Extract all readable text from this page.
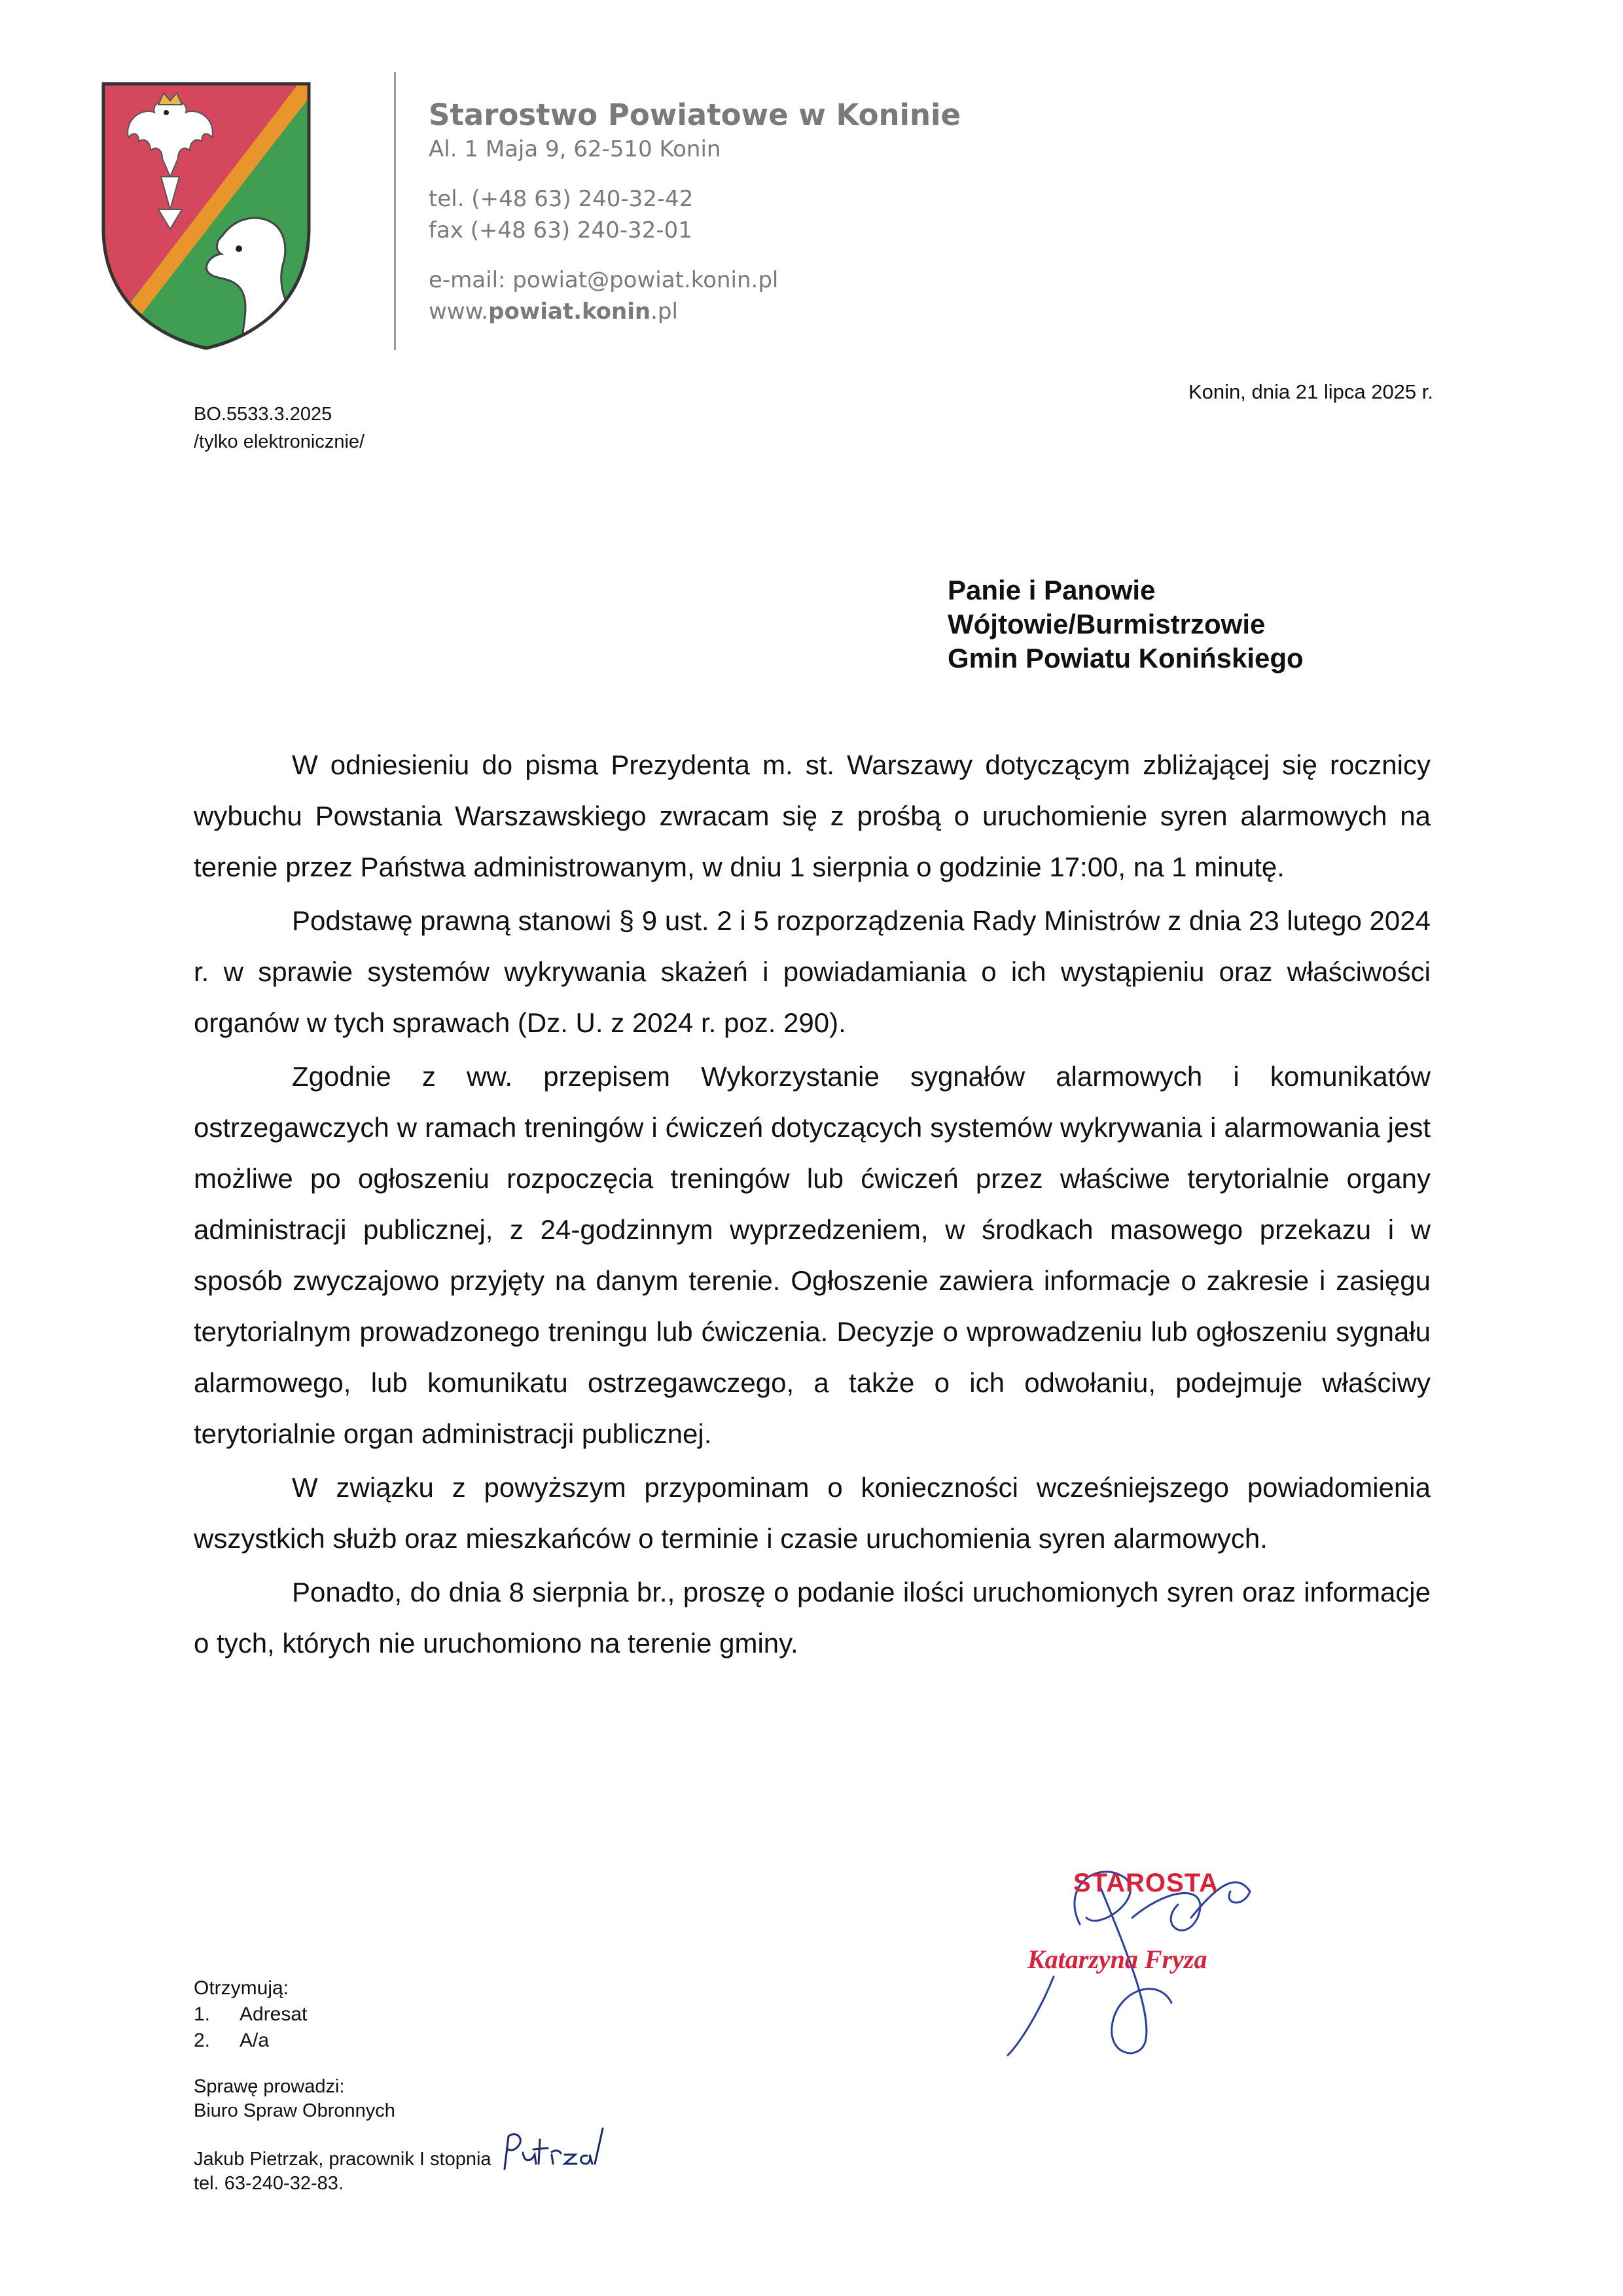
Starostwo Powiatowe w Koninie

Al. 1 Maja 9, 62-510 Konin

tel. (+48 63) 240-32-42

fax (+48 63) 240-32-01

e-mail: powiat@powiat.konin.pl

www.powiat.konin.pl

BO.5533.3.2025
/tylko elektronicznie/
Konin, dnia 21 lipca 2025 r.
Panie i Panowie
Wójtowie/Burmistrzowie
Gmin Powiatu Konińskiego

W odniesieniu do pisma Prezydenta m. st. Warszawy dotyczącym zbliżającej się rocznicy wybuchu Powstania Warszawskiego zwracam się z prośbą o uruchomienie syren alarmowych na terenie przez Państwa administrowanym, w dniu 1 sierpnia o godzinie 17:00, na 1 minutę.

Podstawę prawną stanowi § 9 ust. 2 i 5 rozporządzenia Rady Ministrów z dnia 23 lutego 2024 r. w sprawie systemów wykrywania skażeń i powiadamiania o ich wystąpieniu oraz właściwości organów w tych sprawach (Dz. U. z 2024 r. poz. 290).

Zgodnie z ww. przepisem Wykorzystanie sygnałów alarmowych i komunikatów ostrzegawczych w ramach treningów i ćwiczeń dotyczących systemów wykrywania i alarmowania jest możliwe po ogłoszeniu rozpoczęcia treningów lub ćwiczeń przez właściwe terytorialnie organy administracji publicznej, z 24-godzinnym wyprzedzeniem, w środkach masowego przekazu i w sposób zwyczajowo przyjęty na danym terenie. Ogłoszenie zawiera informacje o zakresie i zasięgu terytorialnym prowadzonego treningu lub ćwiczenia. Decyzje o wprowadzeniu lub ogłoszeniu sygnału alarmowego, lub komunikatu ostrzegawczego, a także o ich odwołaniu, podejmuje właściwy terytorialnie organ administracji publicznej.

W związku z powyższym przypominam o konieczności wcześniejszego powiadomienia wszystkich służb oraz mieszkańców o terminie i czasie uruchomienia syren alarmowych.

Ponadto, do dnia 8 sierpnia br., proszę o podanie ilości uruchomionych syren oraz informacje o tych, których nie uruchomiono na terenie gminy.

STAROSTA
Katarzyna Fryza
Otrzymują:
1.	Adresat
2.	A/a
Sprawę prowadzi:
Biuro Spraw Obronnych
Jakub Pietrzak, pracownik I stopnia
tel. 63-240-32-83.
